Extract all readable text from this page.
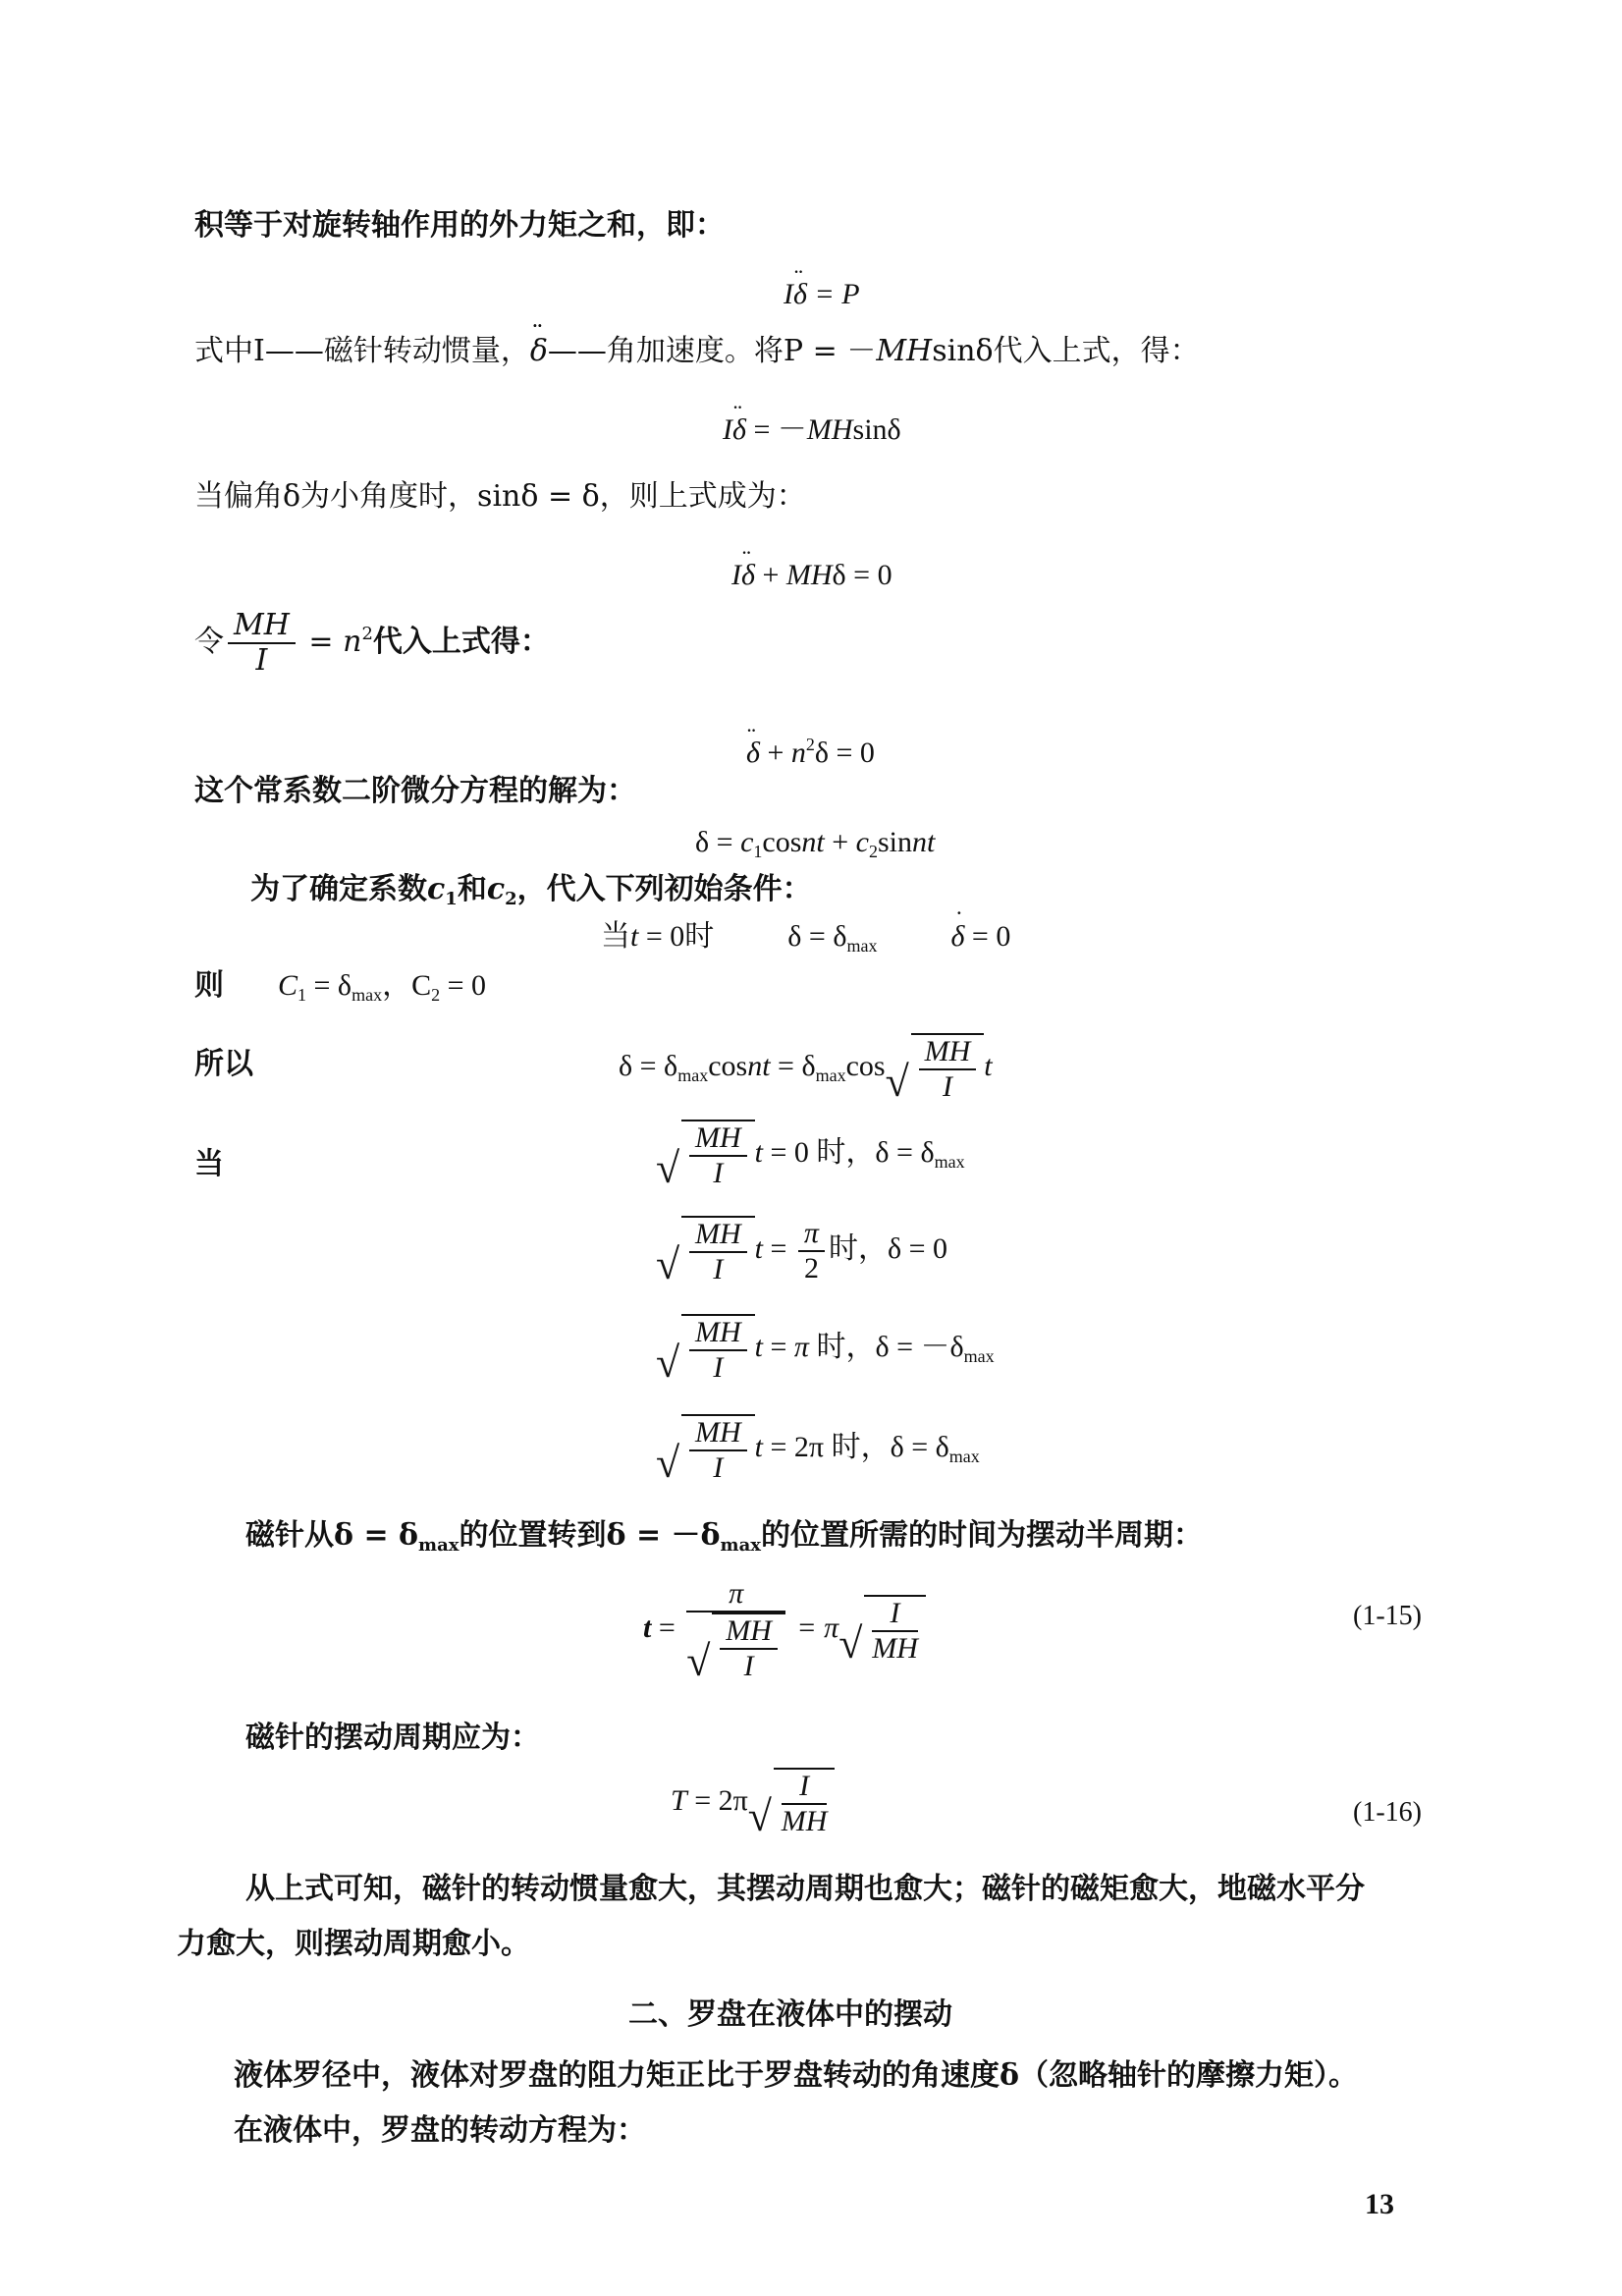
积等于对旋转轴作用的外力矩之和，即：
I¨ δ = P
式中I——磁针转动惯量，¨ δ——角加速度。将P = －MHsinδ代入上式，得：
I¨ δ = －MHsinδ
当偏角δ为小角度时，sinδ = δ，则上式成为：
I¨ δ + MHδ = 0
令 $\frac{MH}{I} = n^2$代入上式得：
¨ $\delta + n^2\delta = 0$
这个常系数二阶微分方程的解为：
$\delta = c_1cosnt$ + $c_2sinnt$
为了确定系数$c_1$和$c_2$，代入下列初始条件：
当t = 0时	$\delta = \delta_{max}$  ˙	δ = 0
则 $C_1 = \delta_{max}$，$C_2 = 0$
所以	$\delta = \delta_{max}cosnt = \delta_{max}\cos$ √ $\frac{MH}{I}$ t
当	√ $\frac{MH}{I}$ t = 0 时，$\delta = \delta_{max}$
√ $\frac{MH}{I}$ $t = \frac{\pi}{2}$ 时，δ = 0
√ $\frac{MH}{I}$ t = π 时，$\delta = -\delta_{max}$
√ $\frac{MH}{I}$ t = 2π 时，$\delta = \delta_{max}$
磁针从$\delta = \delta_{max}$的位置转到$\delta = -\delta_{max}$的位置所需的时间为摆动半周期：
$t = \frac{\pi}{√ \frac{MH}{I}} = \pi$ √ $\frac{I}{MH}$	(1-15)
磁针的摆动周期应为：
T = 2π √ $\frac{I}{MH}$	(1-16)
从上式可知，磁针的转动惯量愈大，其摆动周期也愈大；磁针的磁矩愈大，地磁水平分
力愈大，则摆动周期愈小。
二、罗盘在液体中的摆动
液体罗径中，液体对罗盘的阻力矩正比于罗盘转动的角速度δ（忽略轴针的摩擦力矩）。
在液体中，罗盘的转动方程为：
13
